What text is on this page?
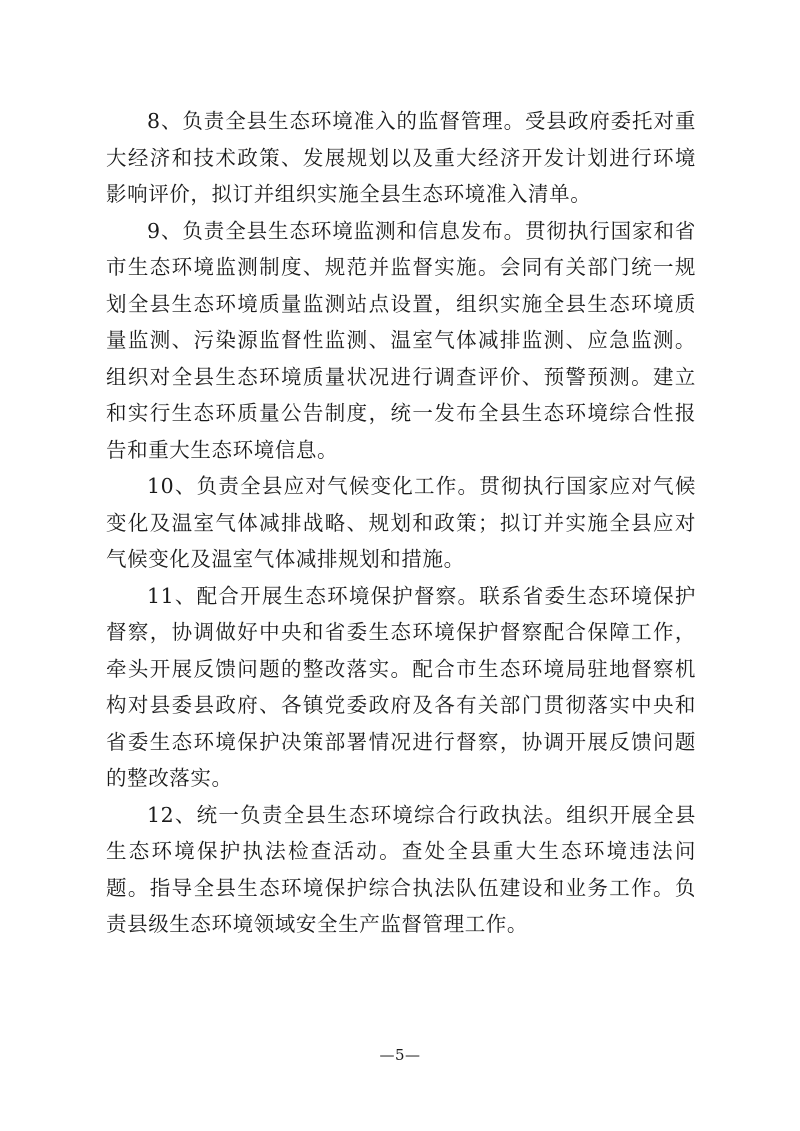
8、负责全县生态环境准入的监督管理。受县政府委托对重大经济和技术政策、发展规划以及重大经济开发计划进行环境影响评价，拟订并组织实施全县生态环境准入清单。

9、负责全县生态环境监测和信息发布。贯彻执行国家和省市生态环境监测制度、规范并监督实施。会同有关部门统一规划全县生态环境质量监测站点设置，组织实施全县生态环境质量监测、污染源监督性监测、温室气体减排监测、应急监测。组织对全县生态环境质量状况进行调查评价、预警预测。建立和实行生态环质量公告制度，统一发布全县生态环境综合性报告和重大生态环境信息。

10、负责全县应对气候变化工作。贯彻执行国家应对气候变化及温室气体减排战略、规划和政策；拟订并实施全县应对气候变化及温室气体减排规划和措施。

11、配合开展生态环境保护督察。联系省委生态环境保护督察，协调做好中央和省委生态环境保护督察配合保障工作，牵头开展反馈问题的整改落实。配合市生态环境局驻地督察机构对县委县政府、各镇党委政府及各有关部门贯彻落实中央和省委生态环境保护决策部署情况进行督察，协调开展反馈问题的整改落实。

12、统一负责全县生态环境综合行政执法。组织开展全县生态环境保护执法检查活动。查处全县重大生态环境违法问题。指导全县生态环境保护综合执法队伍建设和业务工作。负责县级生态环境领域安全生产监督管理工作。

—5—
